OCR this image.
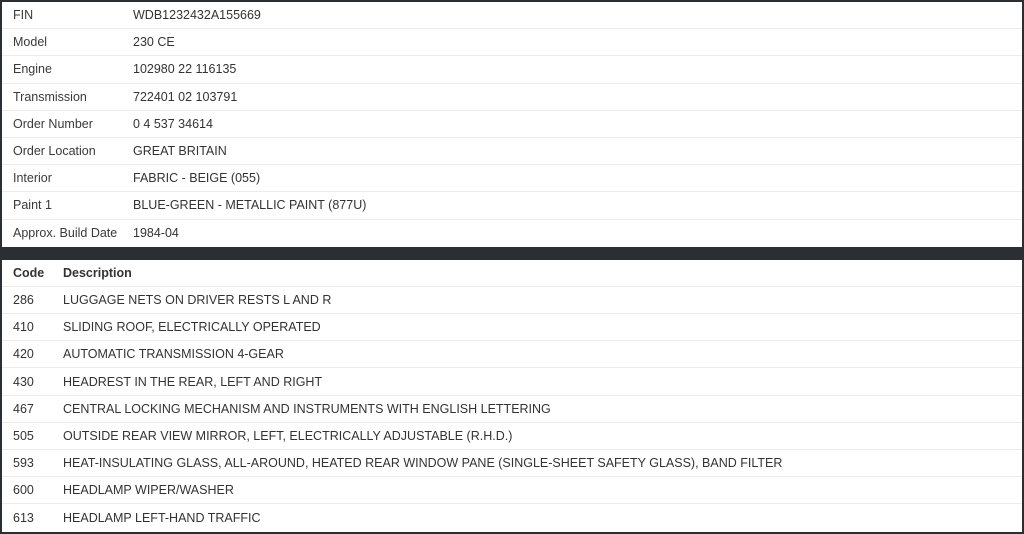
FIN	WDB1232432A155669
Model	230 CE
Engine	102980 22 116135
Transmission	722401 02 103791
Order Number	0 4 537 34614
Order Location	GREAT BRITAIN
Interior	FABRIC - BEIGE (055)
Paint 1	BLUE-GREEN - METALLIC PAINT (877U)
Approx. Build Date	1984-04
Code	Description
286	LUGGAGE NETS ON DRIVER RESTS L AND R
410	SLIDING ROOF, ELECTRICALLY OPERATED
420	AUTOMATIC TRANSMISSION 4-GEAR
430	HEADREST IN THE REAR, LEFT AND RIGHT
467	CENTRAL LOCKING MECHANISM AND INSTRUMENTS WITH ENGLISH LETTERING
505	OUTSIDE REAR VIEW MIRROR, LEFT, ELECTRICALLY ADJUSTABLE (R.H.D.)
593	HEAT-INSULATING GLASS, ALL-AROUND, HEATED REAR WINDOW PANE (SINGLE-SHEET SAFETY GLASS), BAND FILTER
600	HEADLAMP WIPER/WASHER
613	HEADLAMP LEFT-HAND TRAFFIC
